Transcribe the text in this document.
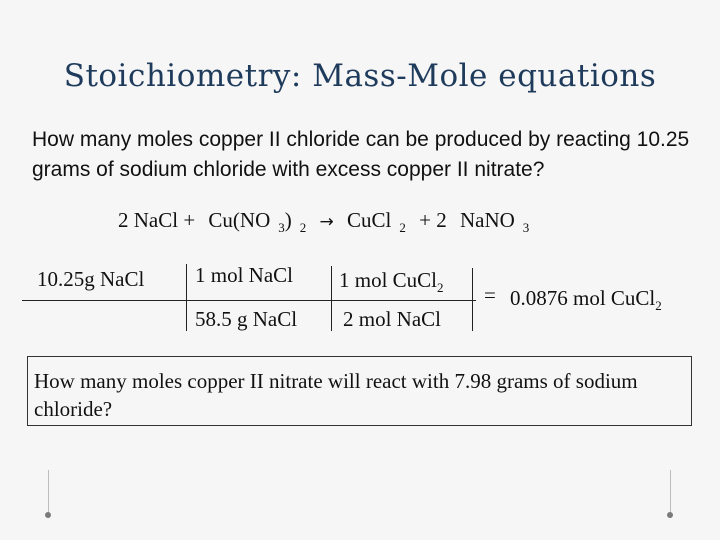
Stoichiometry: Mass-Mole equations
How many moles copper II chloride can be produced by reacting 10.25 grams of sodium chloride with excess copper II nitrate?
2 NaCl + Cu(NO $_3$) $_2$ → CuCl $_2$ + 2 NaNO $_3$
10.25g NaCl 1 mol NaCl
58.5 g NaCl
1 mol CuCl$_2$
2 mol NaCl
= 0.0876 mol CuCl$_2$
How many moles copper II nitrate will react with 7.98 grams of sodium chloride?
